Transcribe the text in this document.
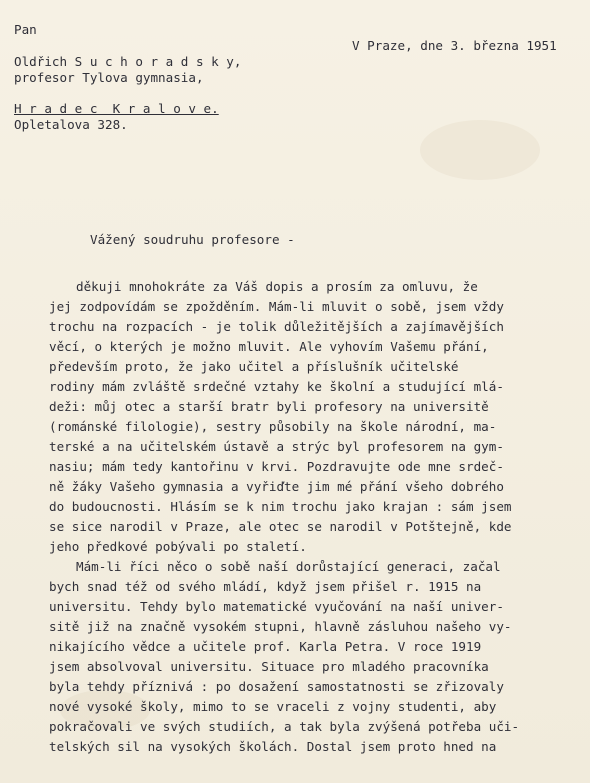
Pan
Oldřich S u c h o r a d s k y,
profesor Tylova gymnasia,
H r a d e c  K r a l o v e.
Opletalova 328.
V Praze, dne 3. března 1951
Vážený soudruhu profesore -
děkuji mnohokráte za Váš dopis a prosím za omluvu, že
jej zodpovídám se zpožděním. Mám-li mluvit o sobě, jsem vždy
trochu na rozpacích - je tolik důležitějších a zajímavějších
věcí, o kterých je možno mluvit. Ale vyhovím Vašemu přání,
především proto, že jako učitel a příslušník učitelské
rodiny mám zvláště srdečné vztahy ke školní a studující mlá-
deži: můj otec a starší bratr byli profesory na universitě
(románské filologie), sestry působily na škole národní, ma-
terské a na učitelském ústavě a strýc byl profesorem na gym-
nasiu; mám tedy kantořinu v krvi. Pozdravujte ode mne srdeč-
ně žáky Vašeho gymnasia a vyřiďte jim mé přání všeho dobrého
do budoucnosti. Hlásím se k nim trochu jako krajan : sám jsem
se sice narodil v Praze, ale otec se narodil v Potštejně, kde
jeho předkové pobývali po staletí.
Mám-li říci něco o sobě naší dorůstající generaci, začal
bych snad též od svého mládí, když jsem přišel r. 1915 na
universitu. Tehdy bylo matematické vyučování na naší univer-
sitě již na značně vysokém stupni, hlavně zásluhou našeho vy-
nikajícího vědce a učitele prof. Karla Petra. V roce 1919
jsem absolvoval universitu. Situace pro mladého pracovníka
byla tehdy příznivá : po dosažení samostatnosti se zřizovaly
nové vysoké školy, mimo to se vraceli z vojny studenti, aby
pokračovali ve svých studiích, a tak byla zvýšená potřeba uči-
telských sil na vysokých školách. Dostal jsem proto hned na
